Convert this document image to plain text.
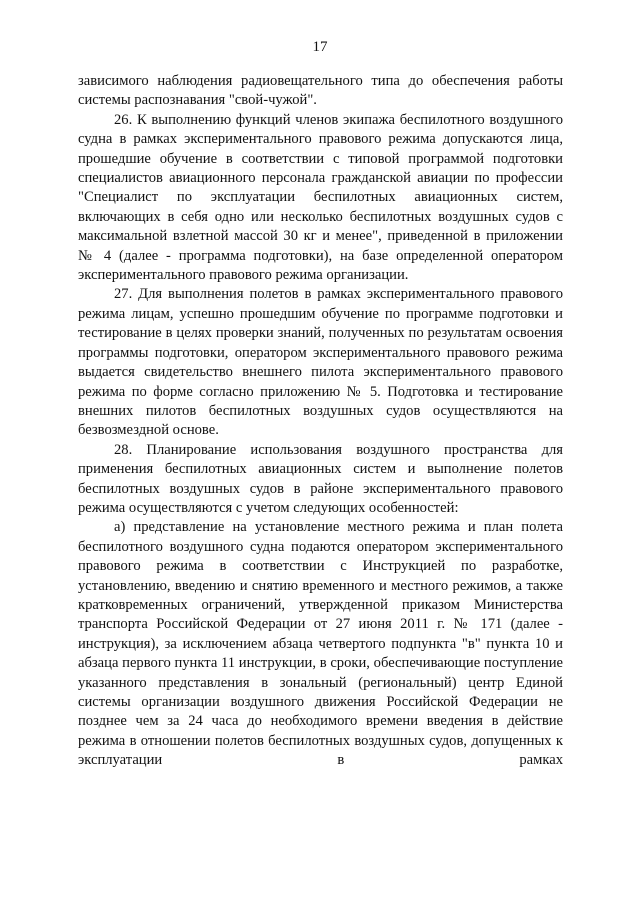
17

зависимого наблюдения радиовещательного типа до обеспечения работы системы распознавания "свой-чужой".

26. К выполнению функций членов экипажа беспилотного воздушного судна в рамках экспериментального правового режима допускаются лица, прошедшие обучение в соответствии с типовой программой подготовки специалистов авиационного персонала гражданской авиации по профессии "Специалист по эксплуатации беспилотных авиационных систем, включающих в себя одно или несколько беспилотных воздушных судов с максимальной взлетной массой 30 кг и менее", приведенной в приложении № 4 (далее - программа подготовки), на базе определенной оператором экспериментального правового режима организации.

27. Для выполнения полетов в рамках экспериментального правового режима лицам, успешно прошедшим обучение по программе подготовки и тестирование в целях проверки знаний, полученных по результатам освоения программы подготовки, оператором экспериментального правового режима выдается свидетельство внешнего пилота экспериментального правового режима по форме согласно приложению № 5. Подготовка и тестирование внешних пилотов беспилотных воздушных судов осуществляются на безвозмездной основе.

28. Планирование использования воздушного пространства для применения беспилотных авиационных систем и выполнение полетов беспилотных воздушных судов в районе экспериментального правового режима осуществляются с учетом следующих особенностей:

а) представление на установление местного режима и план полета беспилотного воздушного судна подаются оператором экспериментального правового режима в соответствии с Инструкцией по разработке, установлению, введению и снятию временного и местного режимов, а также кратковременных ограничений, утвержденной приказом Министерства транспорта Российской Федерации от 27 июня 2011 г. № 171 (далее - инструкция), за исключением абзаца четвертого подпункта "в" пункта 10 и абзаца первого пункта 11 инструкции, в сроки, обеспечивающие поступление указанного представления в зональный (региональный) центр Единой системы организации воздушного движения Российской Федерации не позднее чем за 24 часа до необходимого времени введения в действие режима в отношении полетов беспилотных воздушных судов, допущенных к эксплуатации в рамках
